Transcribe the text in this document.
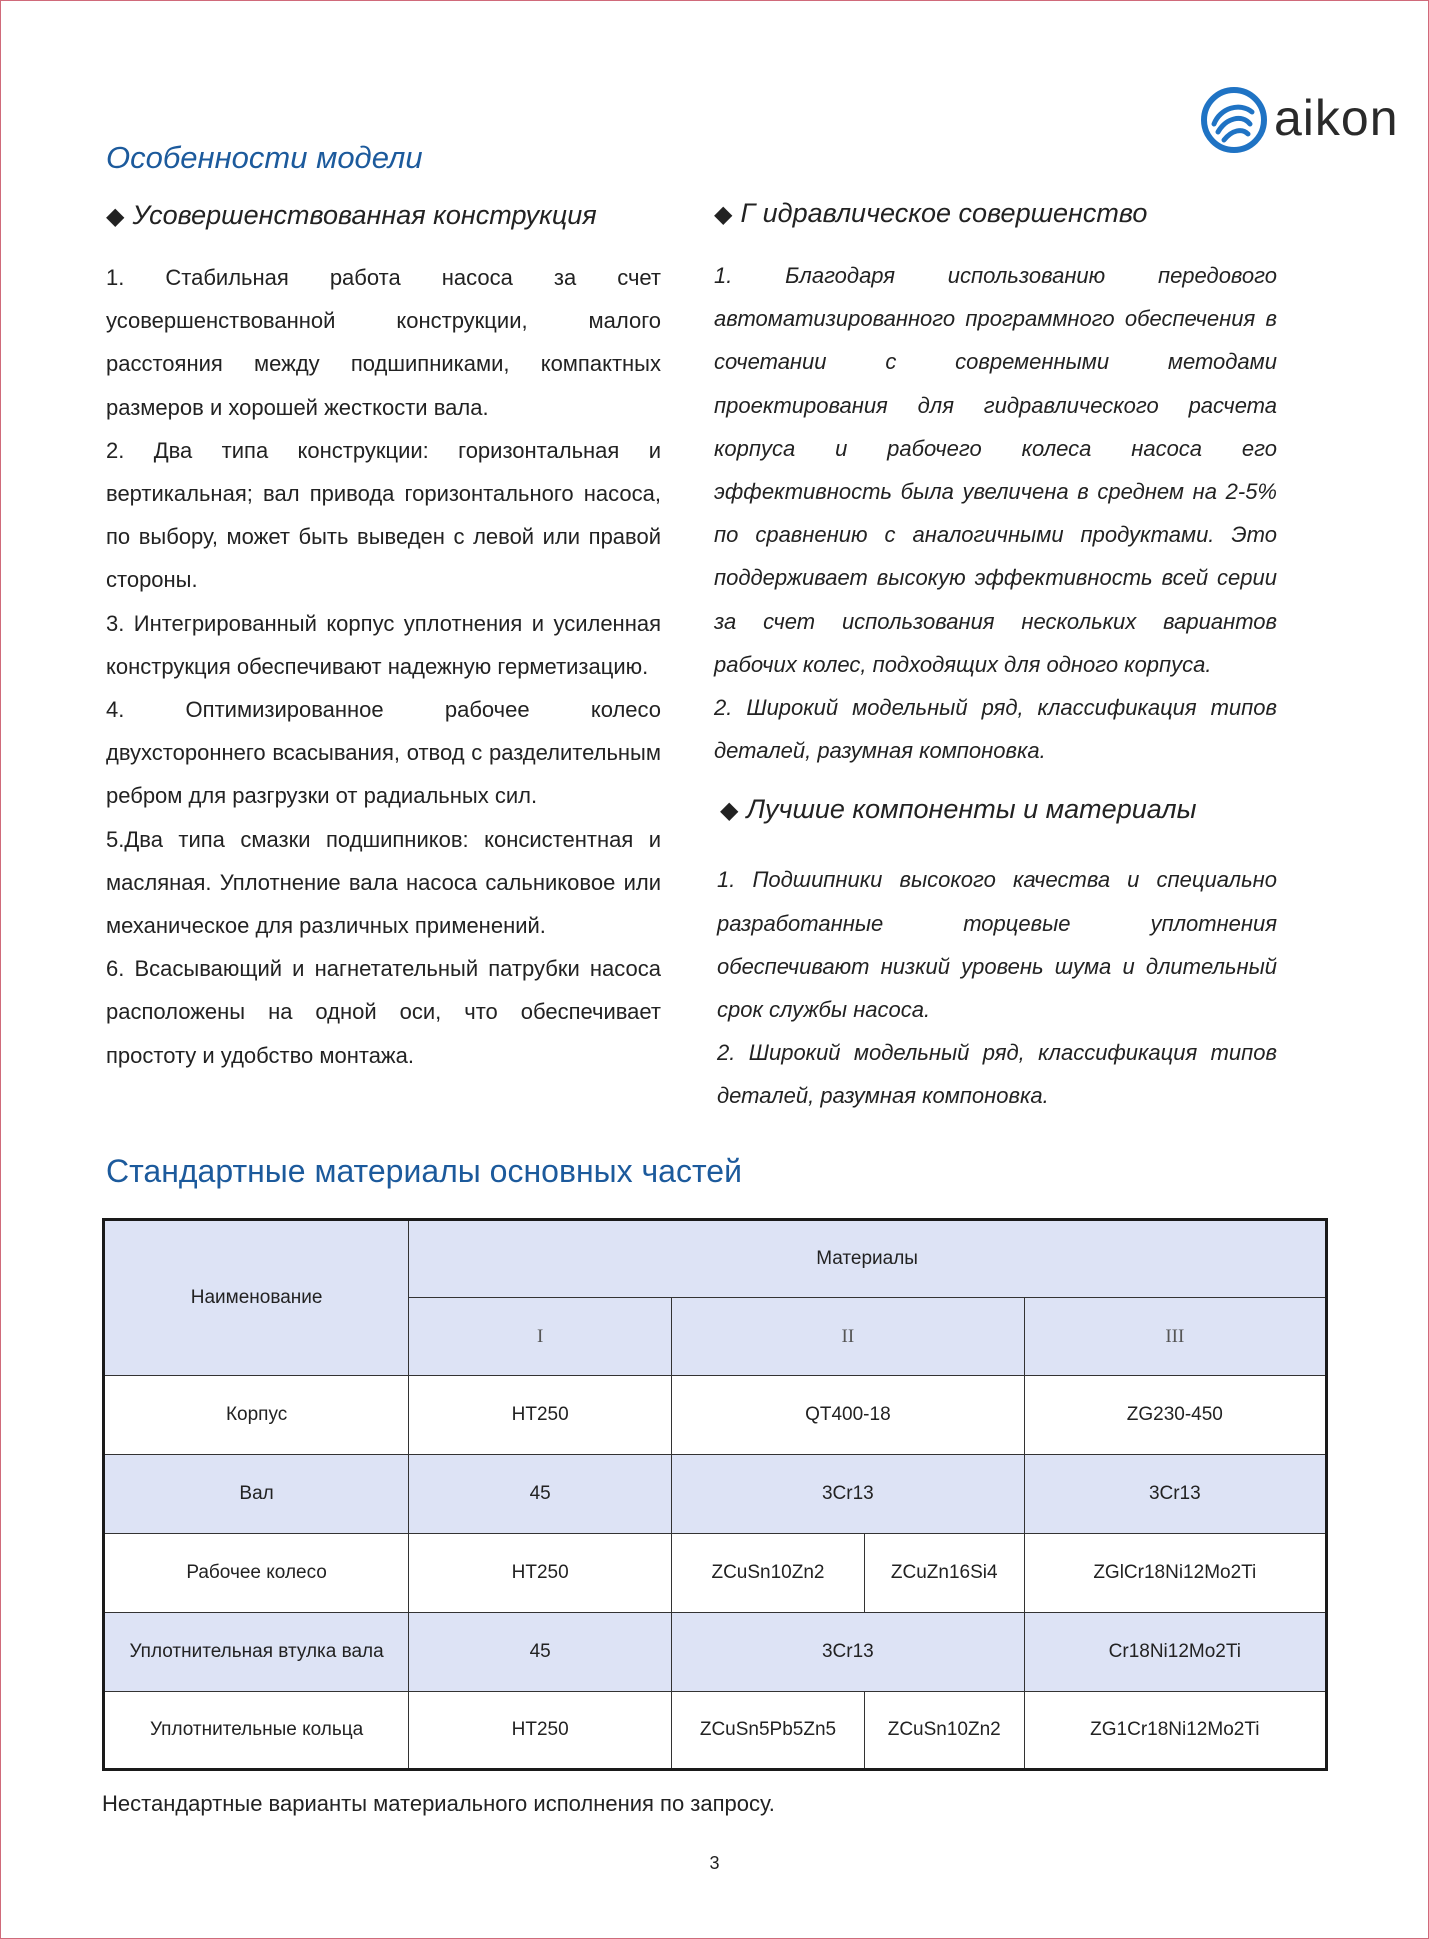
aikon
Особенности модели

◆ Усовершенствованная конструкция

1. Стабильная работа насоса за счет усовершенствованной конструкции, малого расстояния между подшипниками, компактных размеров и хорошей жесткости вала.

2. Два типа конструкции: горизонтальная и вертикальная; вал привода горизонтального насоса, по выбору, может быть выведен с левой или правой стороны.

3. Интегрированный корпус уплотнения и усиленная конструкция обеспечивают надежную герметизацию.

4. Оптимизированное рабочее колесо двухстороннего всасывания, отвод с разделительным ребром для разгрузки от радиальных сил.

5.Два типа смазки подшипников: консистентная и масляная. Уплотнение вала насоса сальниковое или механическое для различных применений.

6. Всасывающий и нагнетательный патрубки насоса расположены на одной оси, что обеспечивает простоту и удобство монтажа.

◆ Г идравлическое совершенство

1. Благодаря использованию передового автоматизированного программного обеспечения в сочетании с современными методами проектирования для гидравлического расчета корпуса и рабочего колеса насоса его эффективность была увеличена в среднем на 2-5% по сравнению с аналогичными продуктами. Это поддерживает высокую эффективность всей серии за счет использования нескольких вариантов рабочих колес, подходящих для одного корпуса.

2. Широкий модельный ряд, классификация типов деталей, разумная компоновка.

◆ Лучшие компоненты и материалы

1. Подшипники высокого качества и специально разработанные торцевые уплотнения обеспечивают низкий уровень шума и длительный срок службы насоса.

2. Широкий модельный ряд, классификация типов деталей, разумная компоновка.

Стандартные материалы основных частей
Наименование	Материалы			
	I	II		III
Корпус	HT250	QT400-18		ZG230-450
Вал	45	3Cr13		3Cr13
Рабочее колесо	HT250	ZCuSn10Zn2	ZCuZn16Si4	ZGlCr18Ni12Mo2Ti
Уплотнительная втулка вала	45	3Cr13		Cr18Ni12Mo2Ti
Уплотнительные кольца	HT250	ZCuSn5Pb5Zn5	ZCuSn10Zn2	ZG1Cr18Ni12Mo2Ti
Нестандартные варианты материального исполнения по запросу.
3
